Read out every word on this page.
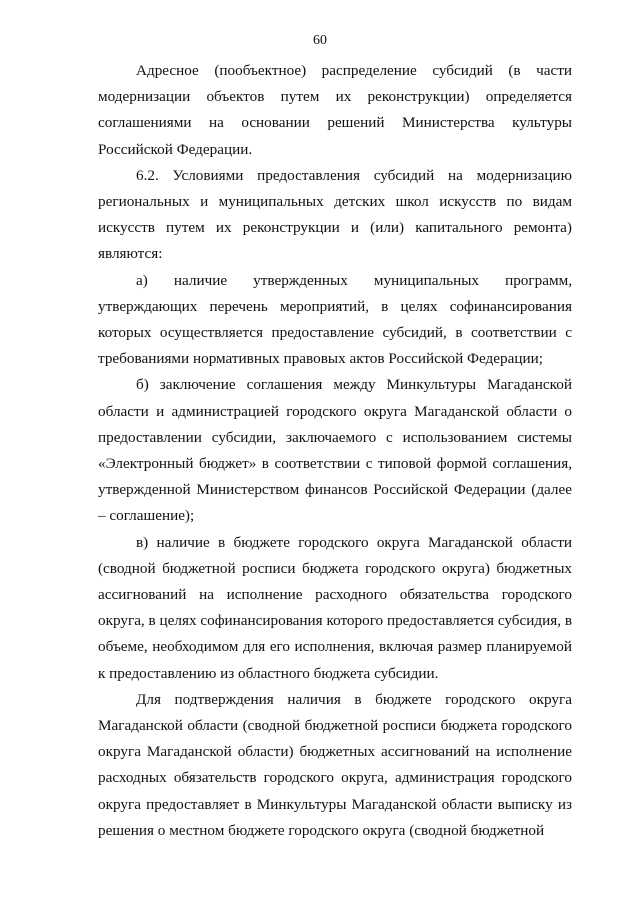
60

Адресное (пообъектное) распределение субсидий (в части модернизации объектов путем их реконструкции) определяется соглашениями на основании решений Министерства культуры Российской Федерации.

6.2. Условиями предоставления субсидий на модернизацию региональных и муниципальных детских школ искусств по видам искусств путем их реконструкции и (или) капитального ремонта) являются:

а) наличие утвержденных муниципальных программ, утверждающих перечень мероприятий, в целях софинансирования которых осуществляется предоставление субсидий, в соответствии с требованиями нормативных правовых актов Российской Федерации;

б) заключение соглашения между Минкультуры Магаданской области и администрацией городского округа Магаданской области о предоставлении субсидии, заключаемого с использованием системы «Электронный бюджет» в соответствии с типовой формой соглашения, утвержденной Министерством финансов Российской Федерации (далее – соглашение);

в) наличие в бюджете городского округа Магаданской области (сводной бюджетной росписи бюджета городского округа) бюджетных ассигнований на исполнение расходного обязательства городского округа, в целях софинансирования которого предоставляется субсидия, в объеме, необходимом для его исполнения, включая размер планируемой к предоставлению из областного бюджета субсидии.

Для подтверждения наличия в бюджете городского округа Магаданской области (сводной бюджетной росписи бюджета городского округа Магаданской области) бюджетных ассигнований на исполнение расходных обязательств городского округа, администрация городского округа предоставляет в Минкультуры Магаданской области выписку из решения о местном бюджете городского округа (сводной бюджетной
